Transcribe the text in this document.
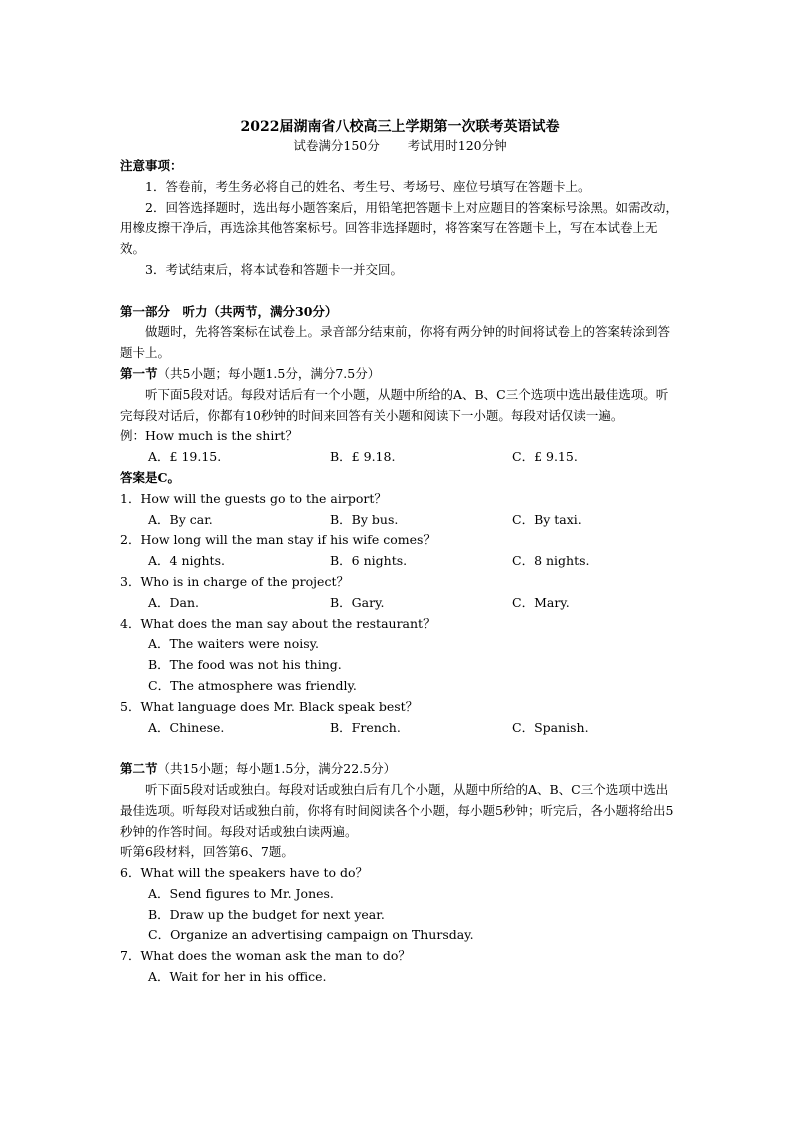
2022届湖南省八校高三上学期第一次联考英语试卷

试卷满分150分 考试用时120分钟

注意事项：

1．答卷前，考生务必将自己的姓名、考生号、考场号、座位号填写在答题卡上。

2．回答选择题时，选出每小题答案后，用铅笔把答题卡上对应题目的答案标号涂黑。如需改动，用橡皮擦干净后，再选涂其他答案标号。回答非选择题时，将答案写在答题卡上，写在本试卷上无效。

3．考试结束后，将本试卷和答题卡一并交回。

第一部分　听力（共两节，满分30分）

做题时，先将答案标在试卷上。录音部分结束前，你将有两分钟的时间将试卷上的答案转涂到答题卡上。

第一节（共5小题；每小题1.5分，满分7.5分）

听下面5段对话。每段对话后有一个小题，从题中所给的A、B、C三个选项中选出最佳选项。听完每段对话后，你都有10秒钟的时间来回答有关小题和阅读下一小题。每段对话仅读一遍。

例：How much is the shirt？

A．£ 19.15.	B．£ 9.18.	C．£ 9.15.

答案是C。

1．How will the guests go to the airport？

A．By car.	B．By bus.	C．By taxi.

2．How long will the man stay if his wife comes？

A．4 nights.	B．6 nights.	C．8 nights.

3．Who is in charge of the project？

A．Dan.	B．Gary.	C．Mary.

4．What does the man say about the restaurant？

A．The waiters were noisy.

B．The food was not his thing.

C．The atmosphere was friendly.

5．What language does Mr. Black speak best？

A．Chinese.	B．French.	C．Spanish.

第二节（共15小题；每小题1.5分，满分22.5分）

听下面5段对话或独白。每段对话或独白后有几个小题，从题中所给的A、B、C三个选项中选出最佳选项。听每段对话或独白前，你将有时间阅读各个小题，每小题5秒钟；听完后，各小题将给出5秒钟的作答时间。每段对话或独白读两遍。

听第6段材料，回答第6、7题。

6．What will the speakers have to do？

A．Send figures to Mr. Jones.

B．Draw up the budget for next year.

C．Organize an advertising campaign on Thursday.

7．What does the woman ask the man to do？

A．Wait for her in his office.
